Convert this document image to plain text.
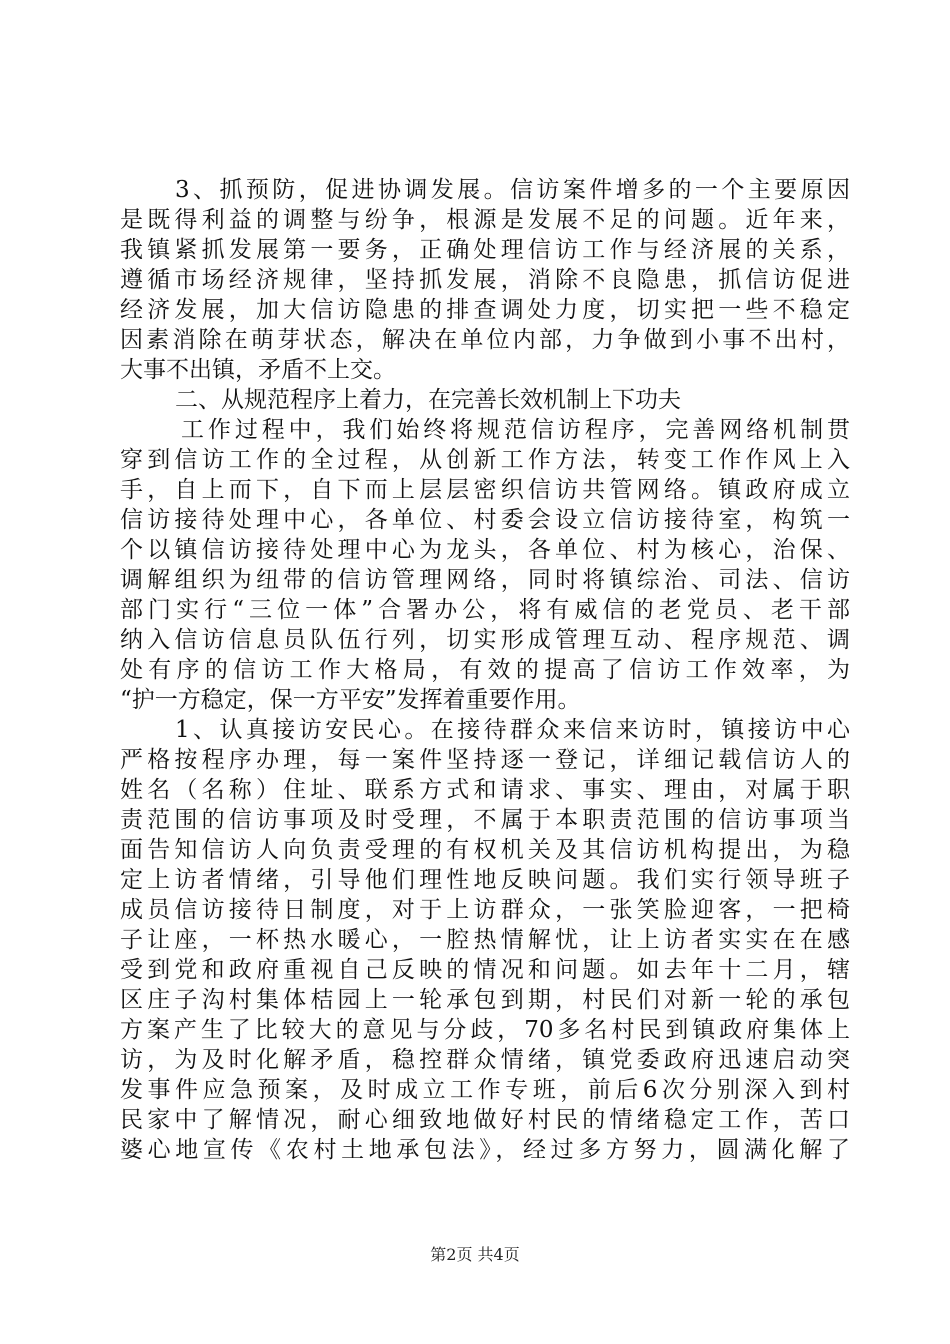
3、抓预防，促进协调发展。信访案件增多的一个主要原因
是既得利益的调整与纷争，根源是发展不足的问题。近年来，
我镇紧抓发展第一要务，正确处理信访工作与经济展的关系，
遵循市场经济规律，坚持抓发展，消除不良隐患，抓信访促进
经济发展，加大信访隐患的排查调处力度，切实把一些不稳定
因素消除在萌芽状态，解决在单位内部，力争做到小事不出村，
大事不出镇，矛盾不上交。
二、从规范程序上着力，在完善长效机制上下功夫
工作过程中，我们始终将规范信访程序，完善网络机制贯
穿到信访工作的全过程，从创新工作方法，转变工作作风上入
手，自上而下，自下而上层层密织信访共管网络。镇政府成立
信访接待处理中心，各单位、村委会设立信访接待室，构筑一
个以镇信访接待处理中心为龙头，各单位、村为核心，治保、
调解组织为纽带的信访管理网络，同时将镇综治、司法、信访
部门实行“三位一体”合署办公，将有威信的老党员、老干部
纳入信访信息员队伍行列，切实形成管理互动、程序规范、调
处有序的信访工作大格局，有效的提高了信访工作效率，为
“护一方稳定，保一方平安”发挥着重要作用。
1、认真接访安民心。在接待群众来信来访时，镇接访中心
严格按程序办理，每一案件坚持逐一登记，详细记载信访人的
姓名（名称）住址、联系方式和请求、事实、理由，对属于职
责范围的信访事项及时受理，不属于本职责范围的信访事项当
面告知信访人向负责受理的有权机关及其信访机构提出，为稳
定上访者情绪，引导他们理性地反映问题。我们实行领导班子
成员信访接待日制度，对于上访群众，一张笑脸迎客，一把椅
子让座，一杯热水暖心，一腔热情解忧，让上访者实实在在感
受到党和政府重视自己反映的情况和问题。如去年十二月，辖
区庄子沟村集体桔园上一轮承包到期，村民们对新一轮的承包
方案产生了比较大的意见与分歧，70多名村民到镇政府集体上
访，为及时化解矛盾，稳控群众情绪，镇党委政府迅速启动突
发事件应急预案，及时成立工作专班，前后6次分别深入到村
民家中了解情况，耐心细致地做好村民的情绪稳定工作，苦口
婆心地宣传《农村土地承包法》，经过多方努力，圆满化解了
第2页 共4页
